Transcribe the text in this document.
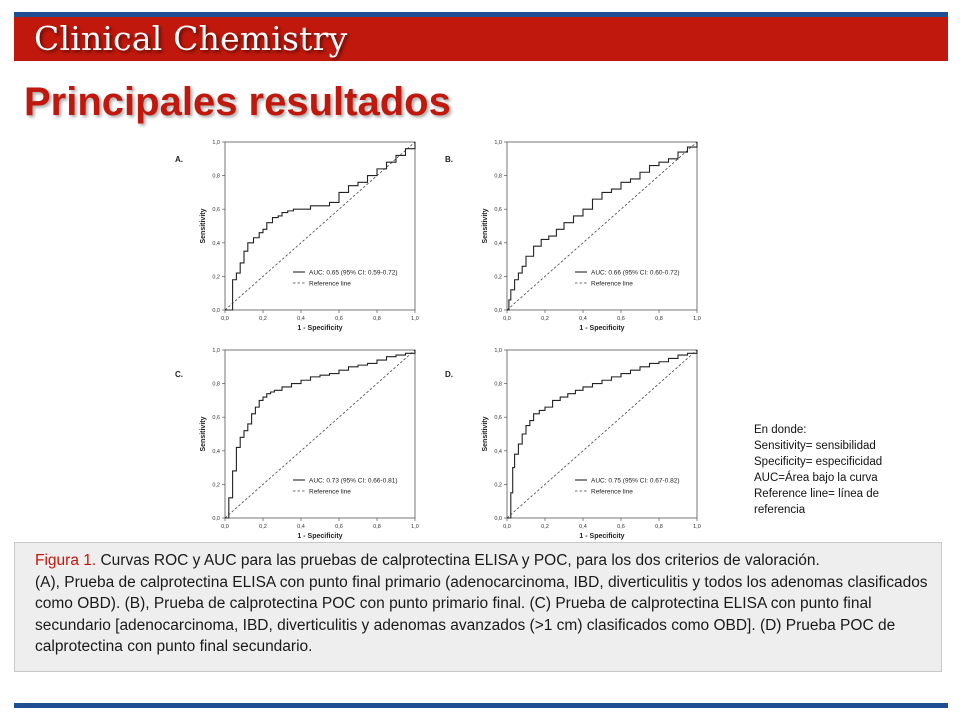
Clinical Chemistry
Principales resultados
A.
0,0
0,0
0,2
0,2
0,4
0,4
0,6
0,6
0,8
0,8
1,0
1,0
1 - Specificity
Sensitivity
AUC: 0.65 (95% CI: 0.59-0.72)
Reference line
B.
0,0
0,0
0,2
0,2
0,4
0,4
0,6
0,6
0,8
0,8
1,0
1,0
1 - Specificity
Sensitivity
AUC: 0.66 (95% CI: 0.60-0.72)
Reference line
C.
0,0
0,0
0,2
0,2
0,4
0,4
0,6
0,6
0,8
0,8
1,0
1,0
1 - Specificity
Sensitivity
AUC: 0.73 (95% CI: 0.66-0.81)
Reference line
D.
0,0
0,0
0,2
0,2
0,4
0,4
0,6
0,6
0,8
0,8
1,0
1,0
1 - Specificity
Sensitivity
AUC: 0.75 (95% CI: 0.67-0.82)
Reference line
En donde:
Sensitivity= sensibilidad
Specificity= especificidad
AUC=Área bajo la curva
Reference line= línea de
referencia

Figura 1. Curvas ROC y AUC para las pruebas de calprotectina ELISA y POC, para los dos criterios de valoración.

(A), Prueba de calprotectina ELISA con punto final primario (adenocarcinoma, IBD, diverticulitis y todos los adenomas clasificados como OBD). (B), Prueba de calprotectina POC con punto primario final. (C) Prueba de calprotectina ELISA con punto final secundario [adenocarcinoma, IBD, diverticulitis y adenomas avanzados (>1 cm) clasificados como OBD]. (D) Prueba POC de calprotectina con punto final secundario.
